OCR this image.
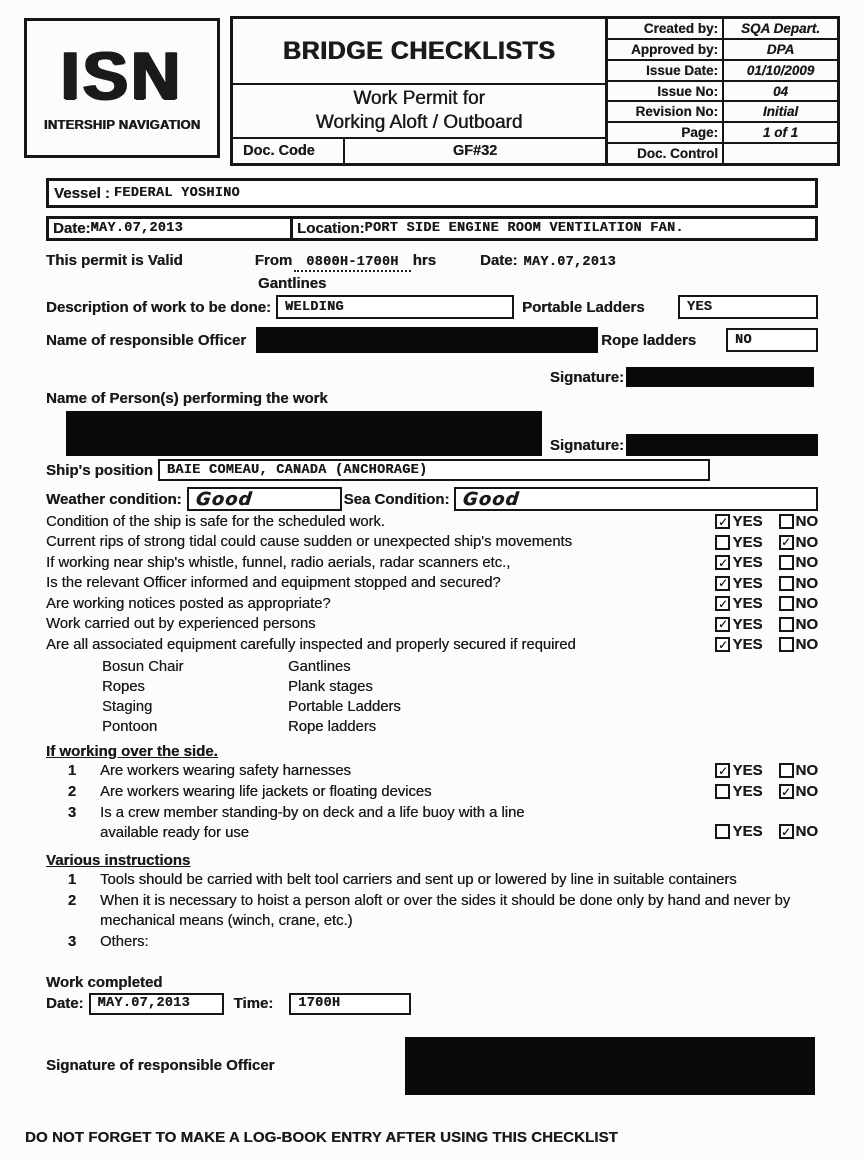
ISN
INTERSHIP NAVIGATION
BRIDGE CHECKLISTS
Work Permit for
Working Aloft / Outboard
Doc. Code	GF#32
Created by:	SQA Depart.
Approved by:	DPA
Issue Date:	01/10/2009
Issue No:	04
Revision No:	Initial
Page:	1 of 1
Doc. Control
Vessel : FEDERAL YOSHINO
Date: MAY.07,2013	Location: PORT SIDE ENGINE ROOM VENTILATION FAN.
This permit is Valid	From	0800H-1700H hrs	Date: MAY.07,2013
Gantlines
Description of work to be done:	WELDING	Portable Ladders	YES
Name of responsible Officer	Rope ladders	NO
Signature:
Name of Person(s) performing the work
Signature:
Ship's position	BAIE COMEAU, CANADA (ANCHORAGE)
Weather condition: Good	Sea Condition: Good
Condition of the ship is safe for the scheduled work.	✓ YES NO
Current rips of strong tidal could cause sudden or unexpected ship's movements	YES ✓ NO
If working near ship's whistle, funnel, radio aerials, radar scanners etc.,	✓ YES NO
Is the relevant Officer informed and equipment stopped and secured?	✓ YES NO
Are working notices posted as appropriate?	✓ YES NO
Work carried out by experienced persons	✓ YES NO
Are all associated equipment carefully inspected and properly secured if required	✓ YES NO
Bosun Chair	Gantlines
Ropes	Plank stages
Staging	Portable Ladders
Pontoon	Rope ladders
If working over the side.
1	Are workers wearing safety harnesses	✓ YES NO
2	Are workers wearing life jackets or floating devices	YES ✓ NO
3	Is a crew member standing-by on deck and a life buoy with a line
available ready for use	YES ✓ NO
Various instructions
1	Tools should be carried with belt tool carriers and sent up or lowered by line in suitable containers
2	When it is necessary to hoist a person aloft or over the sides it should be done only by hand and never by mechanical means (winch, crane, etc.)
3	Others:
Work completed
Date:	MAY.07,2013	Time:	1700H
Signature of responsible Officer
DO NOT FORGET TO MAKE A LOG-BOOK ENTRY AFTER USING THIS CHECKLIST
